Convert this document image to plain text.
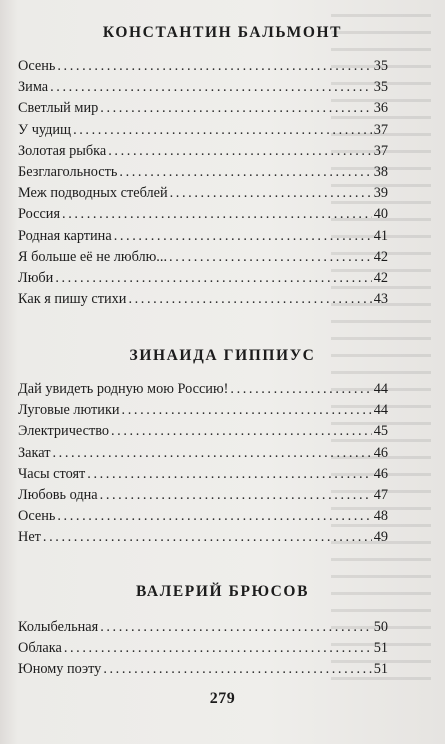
КОНСТАНТИН БАЛЬМОНТ
Осень .....	35
Зима .....	35
Светлый мир .....	36
У чудищ .....	37
Золотая рыбка .....	37
Безглагольность .....	38
Меж подводных стеблей .....	39
Россия .....	40
Родная картина .....	41
Я больше её не люблю... .....	42
Люби .....	42
Как я пишу стихи .....	43
ЗИНАИДА ГИППИУС
Дай увидеть родную мою Россию! .....	44
Луговые лютики .....	44
Электричество .....	45
Закат .....	46
Часы стоят .....	46
Любовь одна .....	47
Осень .....	48
Нет .....	49
ВАЛЕРИЙ БРЮСОВ
Колыбельная .....	50
Облака .....	51
Юному поэту .....	51
279
